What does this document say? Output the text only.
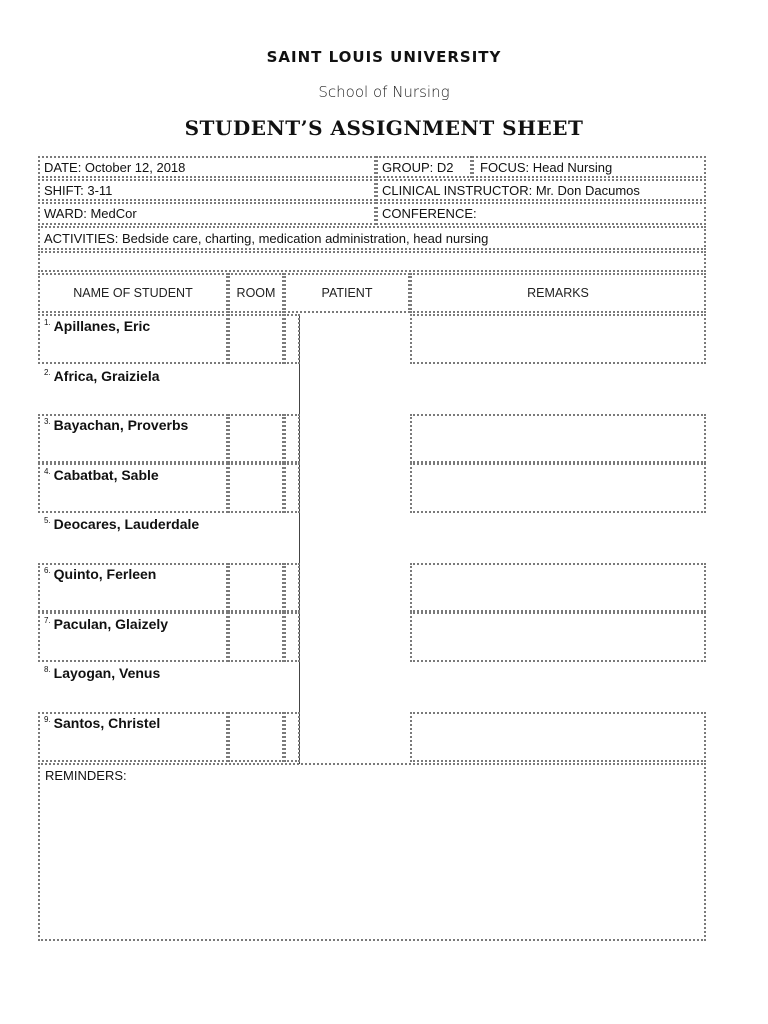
SAINT LOUIS UNIVERSITY
School of Nursing
STUDENT’S ASSIGNMENT SHEET
DATE: October 12, 2018	GROUP: D2 FOCUS: Head Nursing
SHIFT: 3-11	CLINICAL INSTRUCTOR: Mr. Don Dacumos
WARD: MedCor	CONFERENCE:
ACTIVITIES: Bedside care, charting, medication administration, head nursing
NAME OF STUDENT	ROOM	PATIENT	REMARKS
$^{1.}$ Apillanes, Eric
$^{2.}$ Africa, Graiziela
$^{3.}$ Bayachan, Proverbs
$^{4.}$ Cabatbat, Sable
$^{5.}$ Deocares, Lauderdale
$^{6.}$ Quinto, Ferleen
$^{7.}$ Paculan, Glaizely
$^{8.}$ Layogan, Venus
$^{9.}$ Santos, Christel
REMINDERS:
